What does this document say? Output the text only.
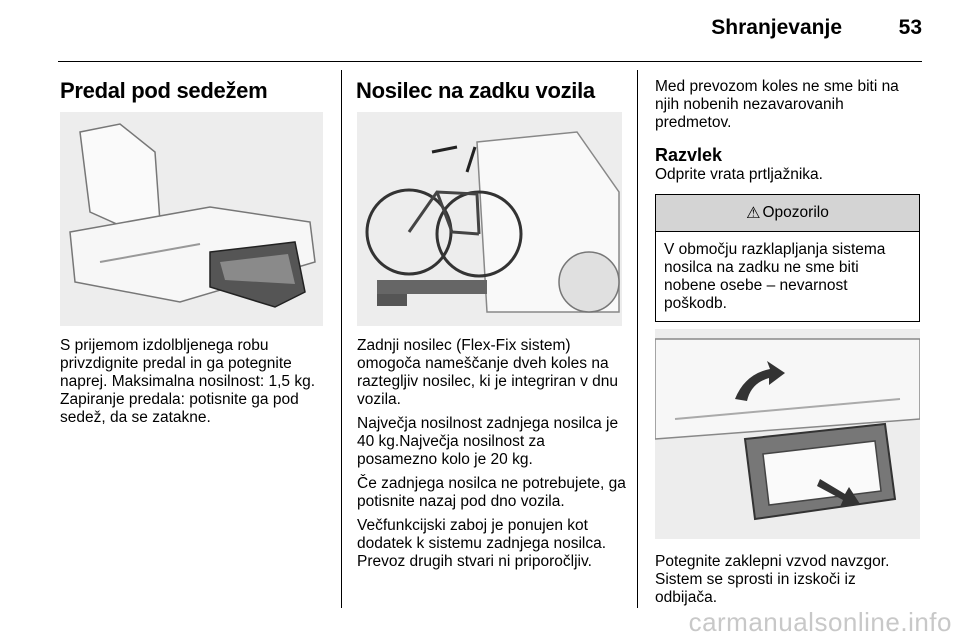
Shranjevanje	53
Predal pod sedežem

S prijemom izdolbljenega robu privzdignite predal in ga potegnite naprej. Maksimalna nosilnost: 1,5 kg. Zapiranje predala: potisnite ga pod sedež, da se zatakne.

Nosilec na zadku vozila

Zadnji nosilec (Flex-Fix sistem) omogoča nameščanje dveh koles na raztegljiv nosilec, ki je integriran v dnu vozila.

Največja nosilnost zadnjega nosilca je 40 kg.Največja nosilnost za posamezno kolo je 20 kg.

Če zadnjega nosilca ne potrebujete, ga potisnite nazaj pod dno vozila.

Večfunkcijski zaboj je ponujen kot dodatek k sistemu zadnjega nosilca. Prevoz drugih stvari ni priporočljiv.

Med prevozom koles ne sme biti na njih nobenih nezavarovanih predmetov.

Razvlek

Odprite vrata prtljažnika.

⚠ Opozorilo
V območju razklapljanja sistema nosilca na zadku ne sme biti nobene osebe – nevarnost poškodb.

Potegnite zaklepni vzvod navzgor. Sistem se sprosti in izskoči iz odbijača.

carmanualsonline.info
